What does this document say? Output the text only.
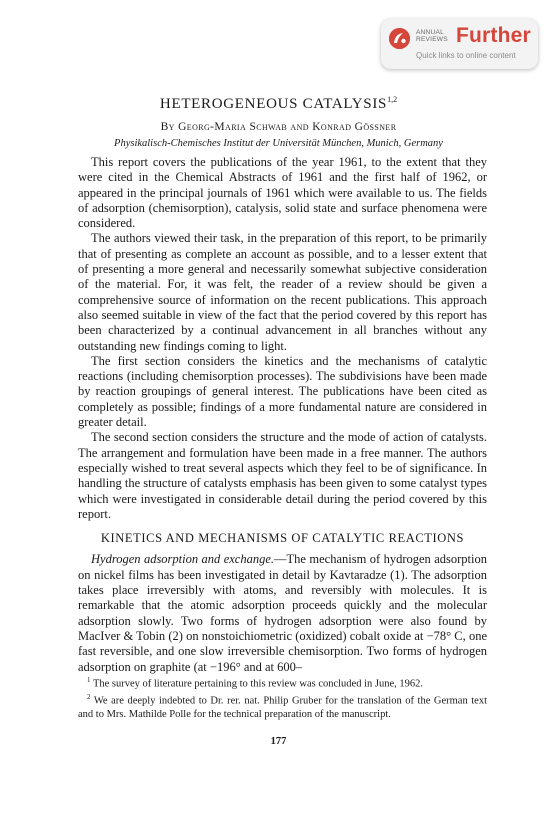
ANNUAL
REVIEWS Further
Quick links to online content
HETEROGENEOUS CATALYSIS$^{1,2}$
By Georg-Maria Schwab and Konrad Gössner
Physikalisch-Chemisches Institut der Universität München, Munich, Germany

This report covers the publications of the year 1961, to the extent that they were cited in the Chemical Abstracts of 1961 and the first half of 1962, or appeared in the principal journals of 1961 which were available to us. The fields of adsorption (chemisorption), catalysis, solid state and surface phenomena were considered.

The authors viewed their task, in the preparation of this report, to be primarily that of presenting as complete an account as possible, and to a lesser extent that of presenting a more general and necessarily somewhat subjective consideration of the material. For, it was felt, the reader of a review should be given a comprehensive source of information on the recent publications. This approach also seemed suitable in view of the fact that the period covered by this report has been characterized by a continual advancement in all branches without any outstanding new findings coming to light.

The first section considers the kinetics and the mechanisms of catalytic reactions (including chemisorption processes). The subdivisions have been made by reaction groupings of general interest. The publications have been cited as completely as possible; findings of a more fundamental nature are considered in greater detail.

The second section considers the structure and the mode of action of catalysts. The arrangement and formulation have been made in a free manner. The authors especially wished to treat several aspects which they feel to be of significance. In handling the structure of catalysts emphasis has been given to some catalyst types which were investigated in considerable detail during the period covered by this report.

KINETICS AND MECHANISMS OF CATALYTIC REACTIONS

Hydrogen adsorption and exchange.—The mechanism of hydrogen adsorption on nickel films has been investigated in detail by Kavtaradze (1). The adsorption takes place irreversibly with atoms, and reversibly with molecules. It is remarkable that the atomic adsorption proceeds quickly and the molecular adsorption slowly. Two forms of hydrogen adsorption were also found by MacIver & Tobin (2) on nonstoichiometric (oxidized) cobalt oxide at −78° C, one fast reversible, and one slow irreversible chemisorption. Two forms of hydrogen adsorption on graphite (at −196° and at 600–

$^1$ The survey of literature pertaining to this review was concluded in June, 1962.

$^2$ We are deeply indebted to Dr. rer. nat. Philip Gruber for the translation of the German text and to Mrs. Mathilde Polle for the technical preparation of the manuscript.

177
